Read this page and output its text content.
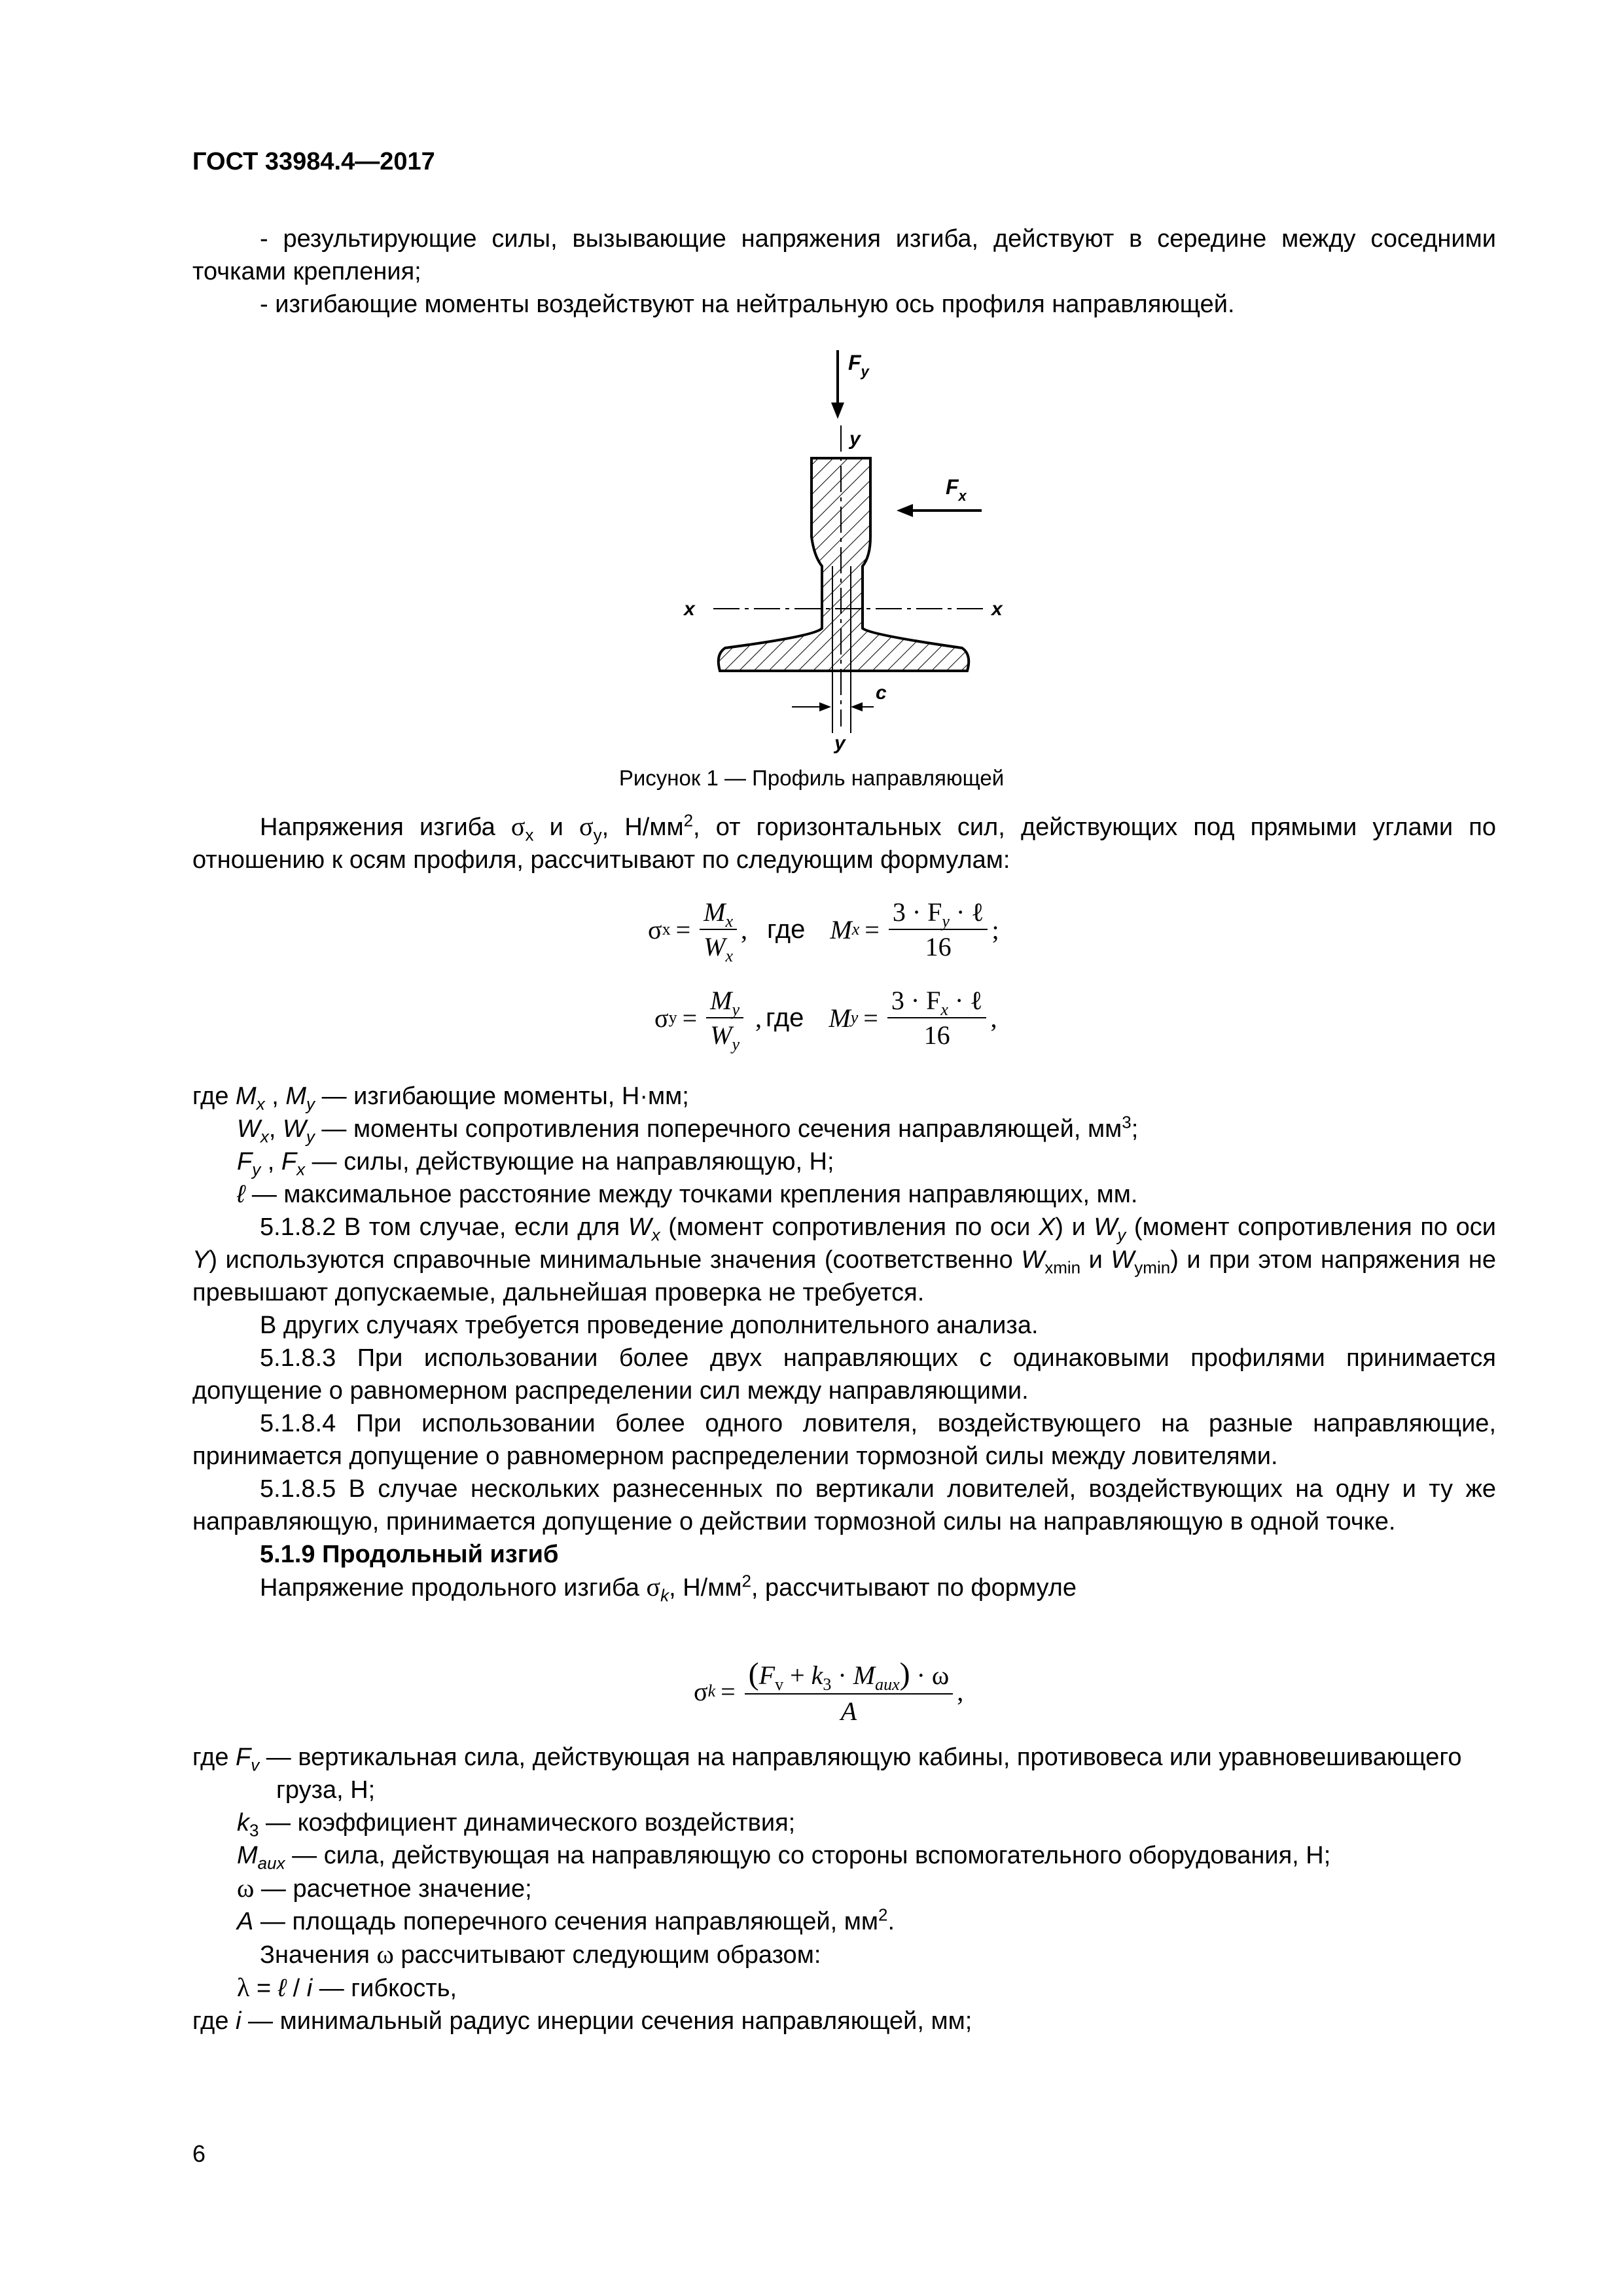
ГОСТ 33984.4—2017

- результирующие силы, вызывающие напряжения изгиба, действуют в середине между соседними точками крепления;

- изгибающие моменты воздействуют на нейтральную ось профиля направляющей.

$F_y$
y
x	x
$F_x$
c
y
Рисунок 1 — Профиль направляющей

Напряжения изгиба $\sigma_x$ и $\sigma_y$, $Н/мм^2$, от горизонтальных сил, действующих под прямыми углами по отношению к осям профиля, рассчитывают по следующим формулам:

σ $x = \frac{M_x}{W_x}$ , где M $x = \frac{3 \cdot F_y \cdot \ell}{16}$ ;
σ $y = \frac{M_y}{W_y}$ , где M $y = \frac{3 \cdot F_x \cdot \ell}{16}$ ,
где $M_x$ , $M_y$ — изгибающие моменты, Н·мм;
$W_x$, $W_y$ — моменты сопротивления поперечного сечения направляющей, $мм^3$;
$F_y$ , $F_x$ — силы, действующие на направляющую, Н;
ℓ — максимальное расстояние между точками крепления направляющих, мм.

5.1.8.2 В том случае, если для $W_x$ (момент сопротивления по оси X) и $W_y$ (момент сопротивления по оси Y) используются справочные минимальные значения (соответственно $W_{xmin}$ и $W_{ymin}$) и при этом напряжения не превышают допускаемые, дальнейшая проверка не требуется.

В других случаях требуется проведение дополнительного анализа.

5.1.8.3 При использовании более двух направляющих с одинаковыми профилями принимается допущение о равномерном распределении сил между направляющими.

5.1.8.4 При использовании более одного ловителя, воздействующего на разные направляющие, принимается допущение о равномерном распределении тормозной силы между ловителями.

5.1.8.5 В случае нескольких разнесенных по вертикали ловителей, воздействующих на одну и ту же направляющую, принимается допущение о действии тормозной силы на направляющую в одной точке.

5.1.9 Продольный изгиб

Напряжение продольного изгиба $\sigma_k$, $Н/мм^2$, рассчитывают по формуле

σ $k = \frac{(F_v + k_3 \cdot M_{aux}) \cdot \omega}{A}$ ,
где $F_v$ — вертикальная сила, действующая на направляющую кабины, противовеса или уравновешивающего груза, Н;
$k_3$ — коэффициент динамического воздействия;
$M_{aux}$ — сила, действующая на направляющую со стороны вспомогательного оборудования, Н;
ω — расчетное значение;
A — площадь поперечного сечения направляющей, $мм^2$.
Значения ω рассчитывают следующим образом:
λ = ℓ / i — гибкость,
где i — минимальный радиус инерции сечения направляющей, мм;
6
